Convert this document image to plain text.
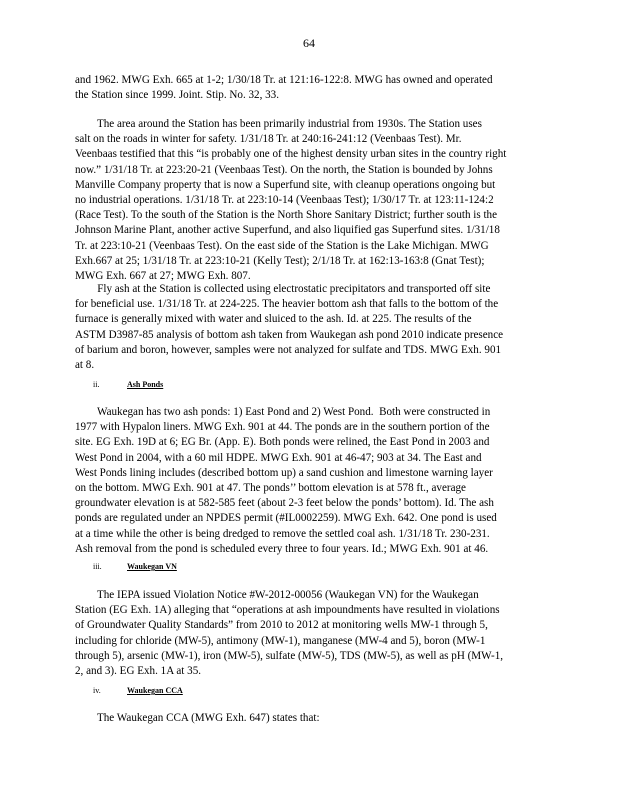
64
and 1962. MWG Exh. 665 at 1-2; 1/30/18 Tr. at 121:16-122:8. MWG has owned and operated
the Station since 1999. Joint. Stip. No. 32, 33.
The area around the Station has been primarily industrial from 1930s. The Station uses
salt on the roads in winter for safety. 1/31/18 Tr. at 240:16-241:12 (Veenbaas Test). Mr.
Veenbaas testified that this “is probably one of the highest density urban sites in the country right
now.” 1/31/18 Tr. at 223:20-21 (Veenbaas Test). On the north, the Station is bounded by Johns
Manville Company property that is now a Superfund site, with cleanup operations ongoing but
no industrial operations. 1/31/18 Tr. at 223:10-14 (Veenbaas Test); 1/30/17 Tr. at 123:11-124:2
(Race Test). To the south of the Station is the North Shore Sanitary District; further south is the
Johnson Marine Plant, another active Superfund, and also liquified gas Superfund sites. 1/31/18
Tr. at 223:10-21 (Veenbaas Test). On the east side of the Station is the Lake Michigan. MWG
Exh.667 at 25; 1/31/18 Tr. at 223:10-21 (Kelly Test); 2/1/18 Tr. at 162:13-163:8 (Gnat Test);
MWG Exh. 667 at 27; MWG Exh. 807.
Fly ash at the Station is collected using electrostatic precipitators and transported off site
for beneficial use. 1/31/18 Tr. at 224-225. The heavier bottom ash that falls to the bottom of the
furnace is generally mixed with water and sluiced to the ash. Id. at 225. The results of the
ASTM D3987-85 analysis of bottom ash taken from Waukegan ash pond 2010 indicate presence
of barium and boron, however, samples were not analyzed for sulfate and TDS. MWG Exh. 901
at 8.
ii.	Ash Ponds
Waukegan has two ash ponds: 1) East Pond and 2) West Pond.  Both were constructed in
1977 with Hypalon liners. MWG Exh. 901 at 44. The ponds are in the southern portion of the
site. EG Exh. 19D at 6; EG Br. (App. E). Both ponds were relined, the East Pond in 2003 and
West Pond in 2004, with a 60 mil HDPE. MWG Exh. 901 at 46-47; 903 at 34. The East and
West Ponds lining includes (described bottom up) a sand cushion and limestone warning layer
on the bottom. MWG Exh. 901 at 47. The ponds’’ bottom elevation is at 578 ft., average
groundwater elevation is at 582-585 feet (about 2-3 feet below the ponds’ bottom). Id. The ash
ponds are regulated under an NPDES permit (#IL0002259). MWG Exh. 642. One pond is used
at a time while the other is being dredged to remove the settled coal ash. 1/31/18 Tr. 230-231.
Ash removal from the pond is scheduled every three to four years. Id.; MWG Exh. 901 at 46.
iii.	Waukegan VN
The IEPA issued Violation Notice #W-2012-00056 (Waukegan VN) for the Waukegan
Station (EG Exh. 1A) alleging that “operations at ash impoundments have resulted in violations
of Groundwater Quality Standards” from 2010 to 2012 at monitoring wells MW-1 through 5,
including for chloride (MW-5), antimony (MW-1), manganese (MW-4 and 5), boron (MW-1
through 5), arsenic (MW-1), iron (MW-5), sulfate (MW-5), TDS (MW-5), as well as pH (MW-1,
2, and 3). EG Exh. 1A at 35.
iv.	Waukegan CCA
The Waukegan CCA (MWG Exh. 647) states that:
